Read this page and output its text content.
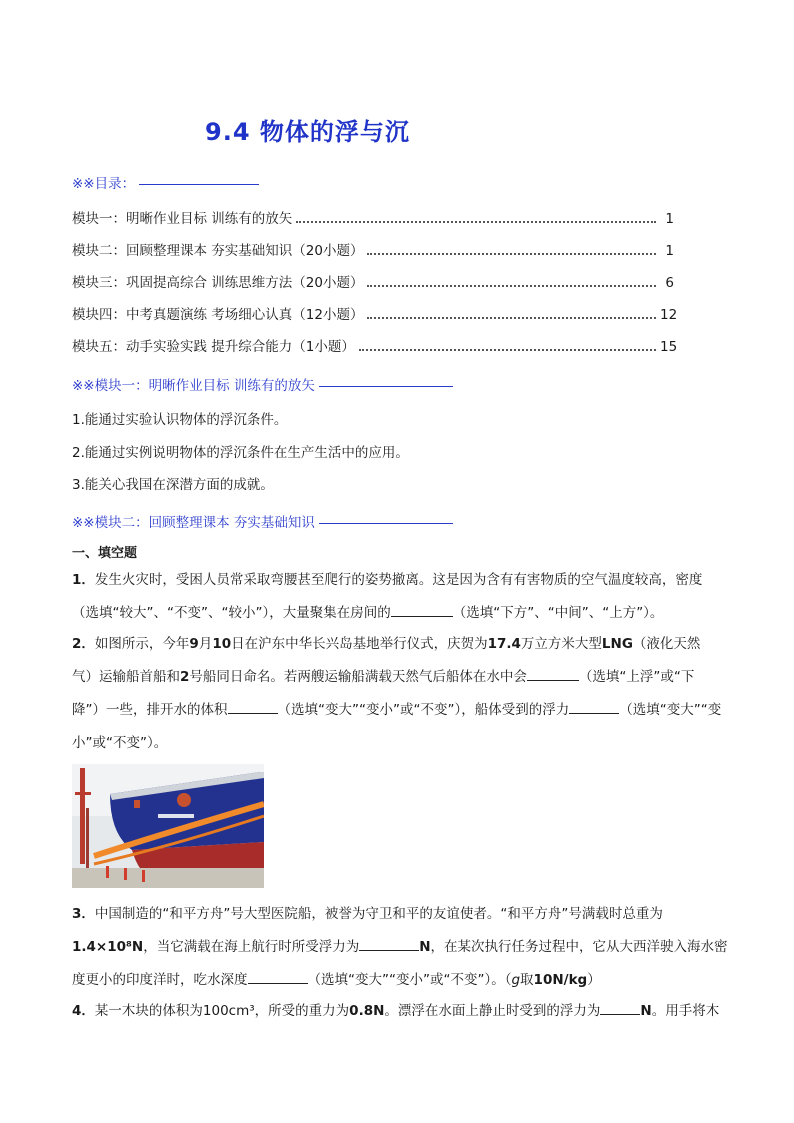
9.4 物体的浮与沉
※※目录：
模块一：明晰作业目标 训练有的放矢	1
模块二：回顾整理课本 夯实基础知识（20小题）	1
模块三：巩固提高综合 训练思维方法（20小题）	6
模块四：中考真题演练 考场细心认真（12小题）	12
模块五：动手实验实践 提升综合能力（1小题）	15
※※模块一：明晰作业目标 训练有的放矢
1.能通过实验认识物体的浮沉条件。
2.能通过实例说明物体的浮沉条件在生产生活中的应用。
3.能关心我国在深潜方面的成就。
※※模块二：回顾整理课本 夯实基础知识
一、填空题
1．发生火灾时，受困人员常采取弯腰甚至爬行的姿势撤离。这是因为含有有害物质的空气温度较高，密度
（选填“较大”、“不变”、“较小”），大量聚集在房间的	（选填“下方”、“中间”、“上方”）。
2．如图所示，今年9月10日在沪东中华长兴岛基地举行仪式，庆贺为17.4万立方米大型LNG（液化天然
气）运输船首船和2号船同日命名。若两艘运输船满载天然气后船体在水中会	（选填“上浮”或“下
降”）一些，排开水的体积	（选填“变大”“变小”或“不变”），船体受到的浮力	（选填“变大”“变
小”或“不变”）。
3．中国制造的“和平方舟”号大型医院船，被誉为守卫和平的友谊使者。“和平方舟”号满载时总重为
1.4×10⁸N，当它满载在海上航行时所受浮力为	N，在某次执行任务过程中，它从大西洋驶入海水密
度更小的印度洋时，吃水深度	（选填“变大”“变小”或“不变”）。（g取10N/kg）
4．某一木块的体积为100cm³，所受的重力为0.8N。漂浮在水面上静止时受到的浮力为	N。用手将木
